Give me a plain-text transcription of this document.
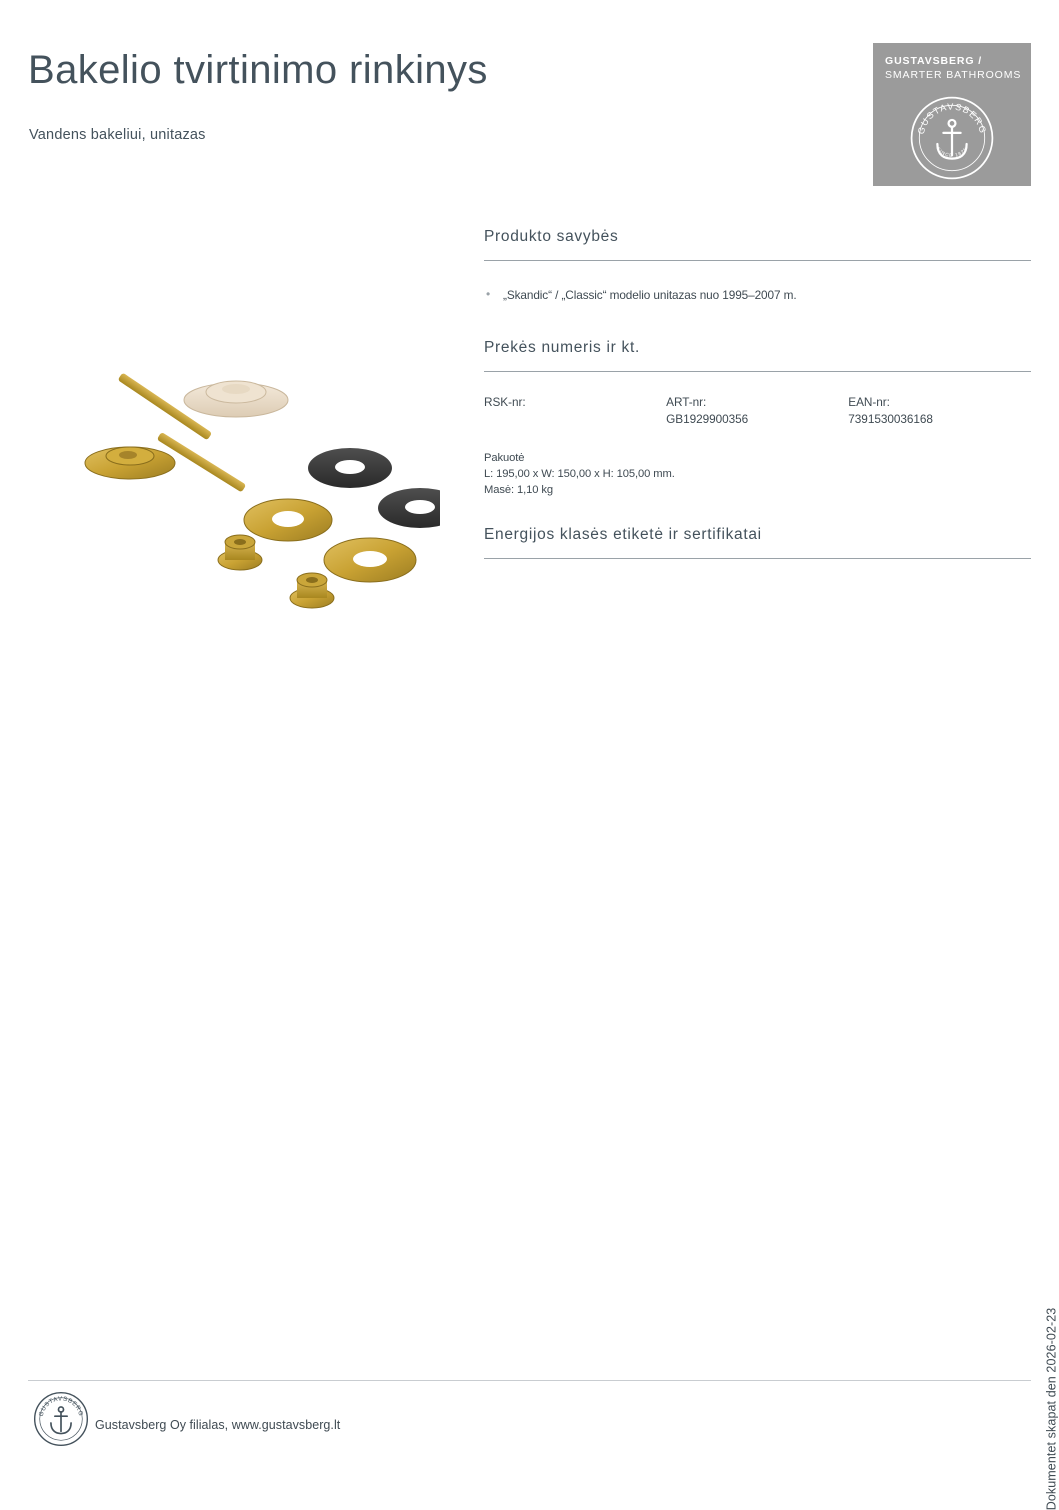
Bakelio tvirtinimo rinkinys
Vandens bakeliui, unitazas
GUSTAVSBERG /
SMARTER BATHROOMS
GUSTAVSBERG
SINCE 1825
Produkto savybės
• „Skandic“ / „Classic“ modelio unitazas nuo 1995–2007 m.
Prekės numeris ir kt.
RSK-nr:	ART-nr:
GB1929900356
EAN-nr:
7391530036168
Pakuotė
L: 195,00 x W: 150,00 x H: 105,00 mm.
Masė: 1,10 kg
Energijos klasės etiketė ir sertifikatai
Dokumentet skapat den 2026-02-23
GUSTAVSBERG
Gustavsberg Oy filialas, www.gustavsberg.lt
